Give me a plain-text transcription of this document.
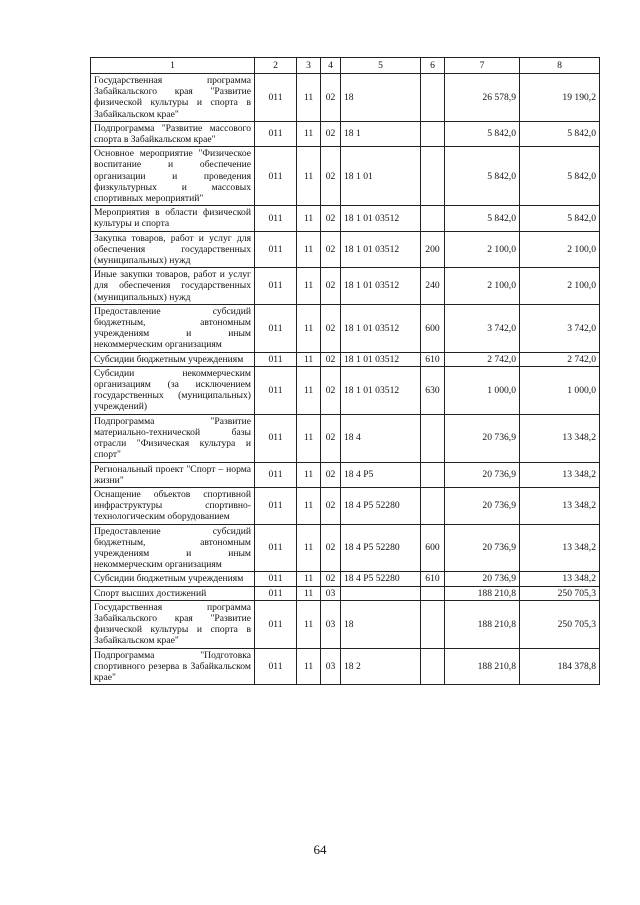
1	2	3	4	5	6	7	8
Государственная программа Забайкальского края "Развитие физической культуры и спорта в Забайкальском крае"	011	11	02	18		26 578,9	19 190,2
Подпрограмма "Развитие массового спорта в Забайкальском крае"	011	11	02	18 1		5 842,0	5 842,0
Основное мероприятие "Физическое воспитание и обеспечение организации и проведения физкультурных и массовых спортивных мероприятий"	011	11	02	18 1 01		5 842,0	5 842,0
Мероприятия в области физической культуры и спорта	011	11	02	18 1 01 03512		5 842,0	5 842,0
Закупка товаров, работ и услуг для обеспечения государственных (муниципальных) нужд	011	11	02	18 1 01 03512	200	2 100,0	2 100,0
Иные закупки товаров, работ и услуг для обеспечения государственных (муниципальных) нужд	011	11	02	18 1 01 03512	240	2 100,0	2 100,0
Предоставление субсидий бюджетным, автономным учреждениям и иным некоммерческим организациям	011	11	02	18 1 01 03512	600	3 742,0	3 742,0
Субсидии бюджетным учреждениям	011	11	02	18 1 01 03512	610	2 742,0	2 742,0
Субсидии некоммерческим организациям (за исключением государственных (муниципальных) учреждений)	011	11	02	18 1 01 03512	630	1 000,0	1 000,0
Подпрограмма "Развитие материально-технической базы отрасли "Физическая культура и спорт"	011	11	02	18 4		20 736,9	13 348,2
Региональный проект "Спорт – норма жизни"	011	11	02	18 4 P5		20 736,9	13 348,2
Оснащение объектов спортивной инфраструктуры спортивно-технологическим оборудованием	011	11	02	18 4 P5 52280		20 736,9	13 348,2
Предоставление субсидий бюджетным, автономным учреждениям и иным некоммерческим организациям	011	11	02	18 4 P5 52280	600	20 736,9	13 348,2
Субсидии бюджетным учреждениям	011	11	02	18 4 P5 52280	610	20 736,9	13 348,2
Спорт высших достижений	011	11	03			188 210,8	250 705,3
Государственная программа Забайкальского края "Развитие физической культуры и спорта в Забайкальском крае"	011	11	03	18		188 210,8	250 705,3
Подпрограмма "Подготовка спортивного резерва в Забайкальском крае"	011	11	03	18 2		188 210,8	184 378,8
64
